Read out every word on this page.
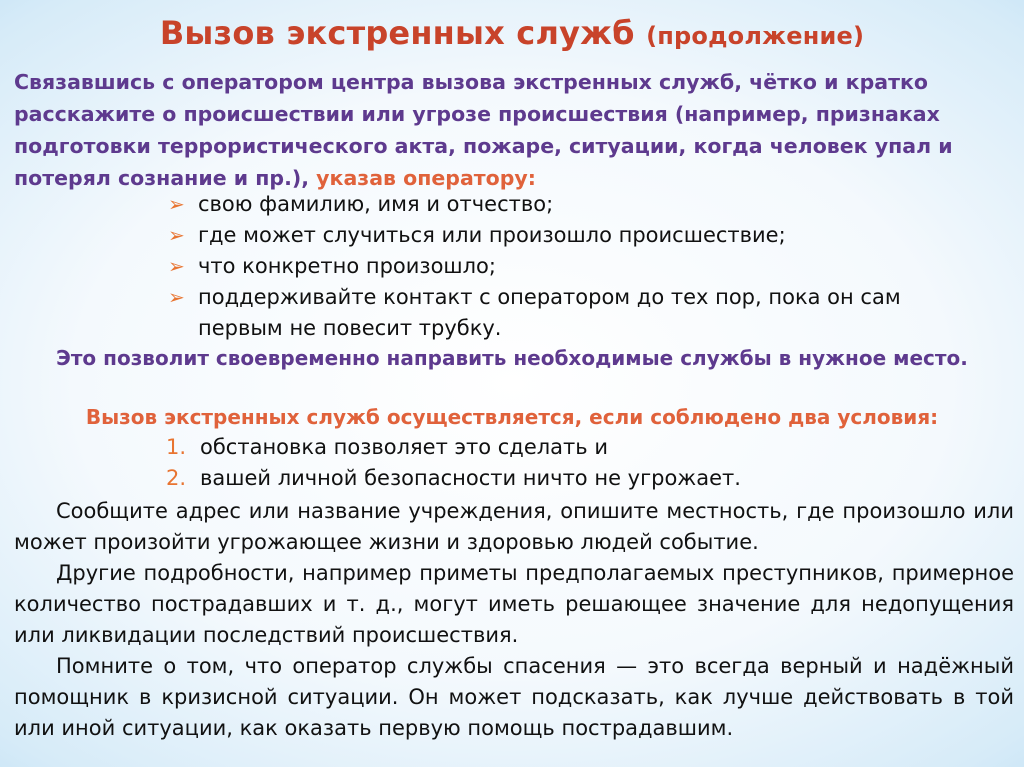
Вызов экстренных служб (продолжение)
Связавшись с оператором центра вызова экстренных служб, чётко и кратко расскажите о происшествии или угрозе происшествия (например, признаках подготовки террористического акта, пожаре, ситуации, когда человек упал и потерял сознание и пр.), указав оператору:
➢ свою фамилию, имя и отчество;
➢ где может случиться или произошло происшествие;
➢ что конкретно произошло;
➢ поддерживайте контакт с оператором до тех пор, пока он сам
первым не повесит трубку.
Это позволит своевременно направить необходимые службы в нужное место.
Вызов экстренных служб осуществляется, если соблюдено два условия:
1. обстановка позволяет это сделать и
2. вашей личной безопасности ничто не угрожает.

Сообщите адрес или название учреждения, опишите местность, где произошло или может произойти угрожающее жизни и здоровью людей событие.

Другие подробности, например приметы предполагаемых преступников, примерное количество пострадавших и т. д., могут иметь решающее значение для недопущения или ликвидации последствий происшествия.

Помните о том, что оператор службы спасения — это всегда верный и надёжный помощник в кризисной ситуации. Он может подсказать, как лучше действовать в той или иной ситуации, как оказать первую помощь пострадавшим.
